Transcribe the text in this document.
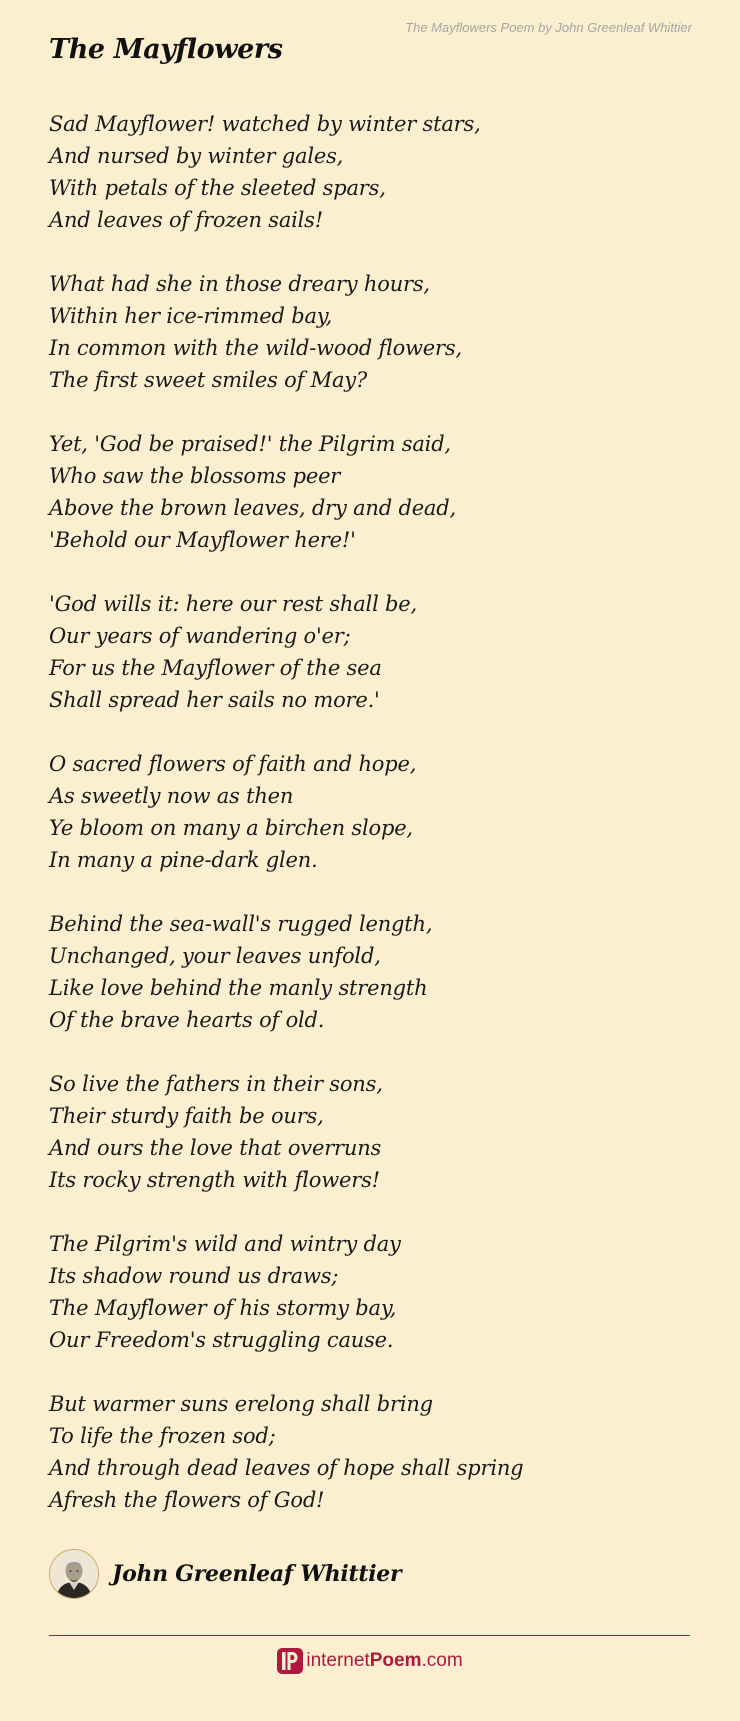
The Mayflowers Poem by John Greenleaf Whittier
The Mayflowers
Sad Mayflower! watched by winter stars,
And nursed by winter gales,
With petals of the sleeted spars,
And leaves of frozen sails!
What had she in those dreary hours,
Within her ice-rimmed bay,
In common with the wild-wood flowers,
The first sweet smiles of May?
Yet, 'God be praised!' the Pilgrim said,
Who saw the blossoms peer
Above the brown leaves, dry and dead,
'Behold our Mayflower here!'
'God wills it: here our rest shall be,
Our years of wandering o'er;
For us the Mayflower of the sea
Shall spread her sails no more.'
O sacred flowers of faith and hope,
As sweetly now as then
Ye bloom on many a birchen slope,
In many a pine-dark glen.
Behind the sea-wall's rugged length,
Unchanged, your leaves unfold,
Like love behind the manly strength
Of the brave hearts of old.
So live the fathers in their sons,
Their sturdy faith be ours,
And ours the love that overruns
Its rocky strength with flowers!
The Pilgrim's wild and wintry day
Its shadow round us draws;
The Mayflower of his stormy bay,
Our Freedom's struggling cause.
But warmer suns erelong shall bring
To life the frozen sod;
And through dead leaves of hope shall spring
Afresh the flowers of God!
John Greenleaf Whittier
internetPoem.com
